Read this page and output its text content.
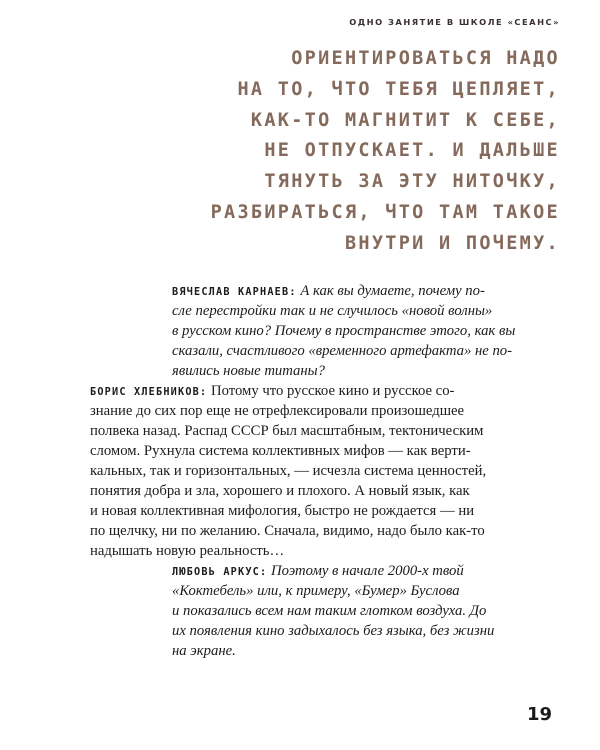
ОДНО ЗАНЯТИЕ В ШКОЛЕ «СЕАНС»
ОРИЕНТИРОВАТЬСЯ НАДО
НА ТО, ЧТО ТЕБЯ ЦЕПЛЯЕТ,
КАК-ТО МАГНИТИТ К СЕБЕ,
НЕ ОТПУСКАЕТ. И ДАЛЬШЕ
ТЯНУТЬ ЗА ЭТУ НИТОЧКУ,
РАЗБИРАТЬСЯ, ЧТО ТАМ ТАКОЕ
ВНУТРИ И ПОЧЕМУ.
ВЯЧЕСЛАВ КАРНАЕВ: А как вы думаете, почему по-
сле перестройки так и не случилось «новой волны»
в русском кино? Почему в пространстве этого, как вы
сказали, счастливого «временного артефакта» не по-
явились новые титаны?
БОРИС ХЛЕБНИКОВ: Потому что русское кино и русское со-
знание до сих пор еще не отрефлексировали произошедшее
полвека назад. Распад СССР был масштабным, тектоническим
сломом. Рухнула система коллективных мифов — как верти-
кальных, так и горизонтальных, — исчезла система ценностей,
понятия добра и зла, хорошего и плохого. А новый язык, как
и новая коллективная мифология, быстро не рождается — ни
по щелчку, ни по желанию. Сначала, видимо, надо было как-то
надышать новую реальность…
ЛЮБОВЬ АРКУС: Поэтому в начале 2000-х твой
«Коктебель» или, к примеру, «Бумер» Буслова
и показались всем нам таким глотком воздуха. До
их появления кино задыхалось без языка, без жизни
на экране.
19
